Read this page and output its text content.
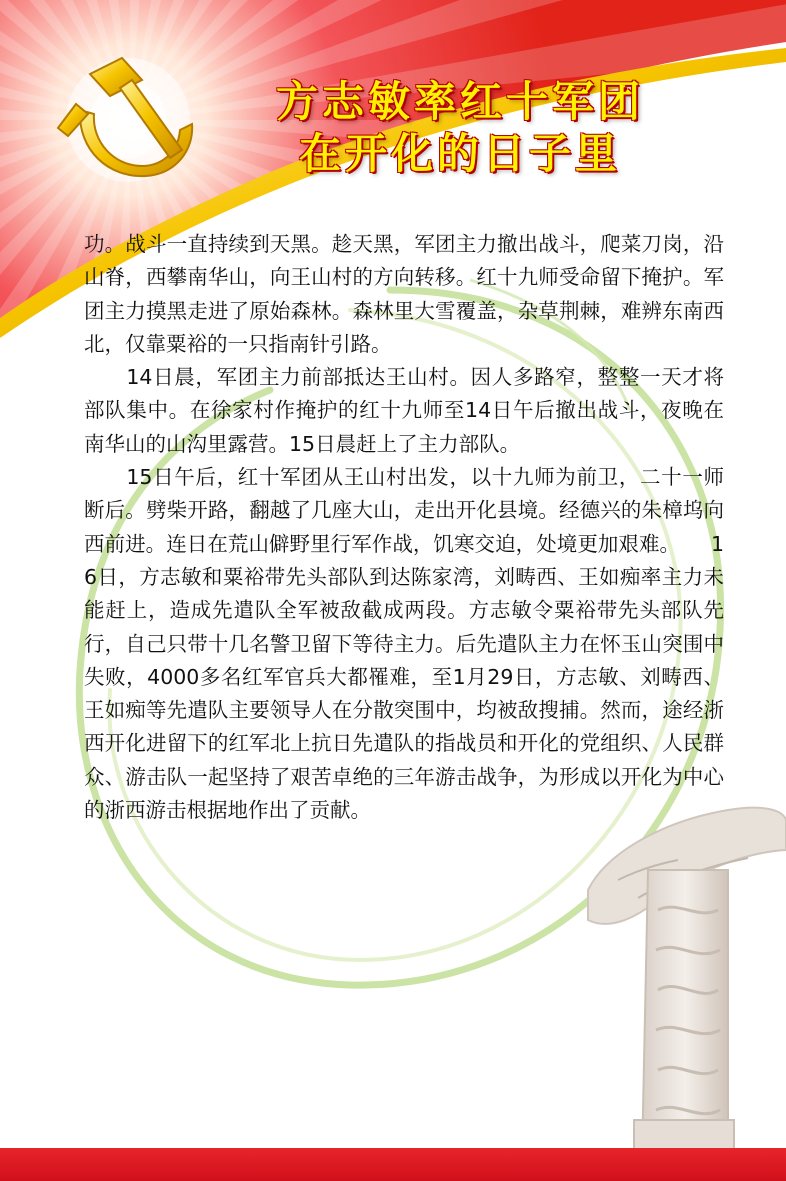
方志敏率红十军团
在开化的日子里

功。战斗一直持续到天黑。趁天黑，军团主力撤出战斗，爬菜刀岗，沿山脊，西攀南华山，向王山村的方向转移。红十九师受命留下掩护。军团主力摸黑走进了原始森林。森林里大雪覆盖，杂草荆棘，难辨东南西北，仅靠粟裕的一只指南针引路。

　　14日晨，军团主力前部抵达王山村。因人多路窄，整整一天才将部队集中。在徐家村作掩护的红十九师至14日午后撤出战斗，夜晚在南华山的山沟里露营。15日晨赶上了主力部队。

　　15日午后，红十军团从王山村出发，以十九师为前卫，二十一师断后。劈柴开路，翻越了几座大山，走出开化县境。经德兴的朱樟坞向西前进。连日在荒山僻野里行军作战，饥寒交迫，处境更加艰难。　　16日，方志敏和粟裕带先头部队到达陈家湾，刘畴西、王如痴率主力未能赶上，造成先遣队全军被敌截成两段。方志敏令粟裕带先头部队先行，自己只带十几名警卫留下等待主力。后先遣队主力在怀玉山突围中失败，4000多名红军官兵大都罹难，至1月29日，方志敏、刘畴西、王如痴等先遣队主要领导人在分散突围中，均被敌搜捕。然而，途经浙西开化进留下的红军北上抗日先遣队的指战员和开化的党组织、人民群众、游击队一起坚持了艰苦卓绝的三年游击战争，为形成以开化为中心的浙西游击根据地作出了贡献。
